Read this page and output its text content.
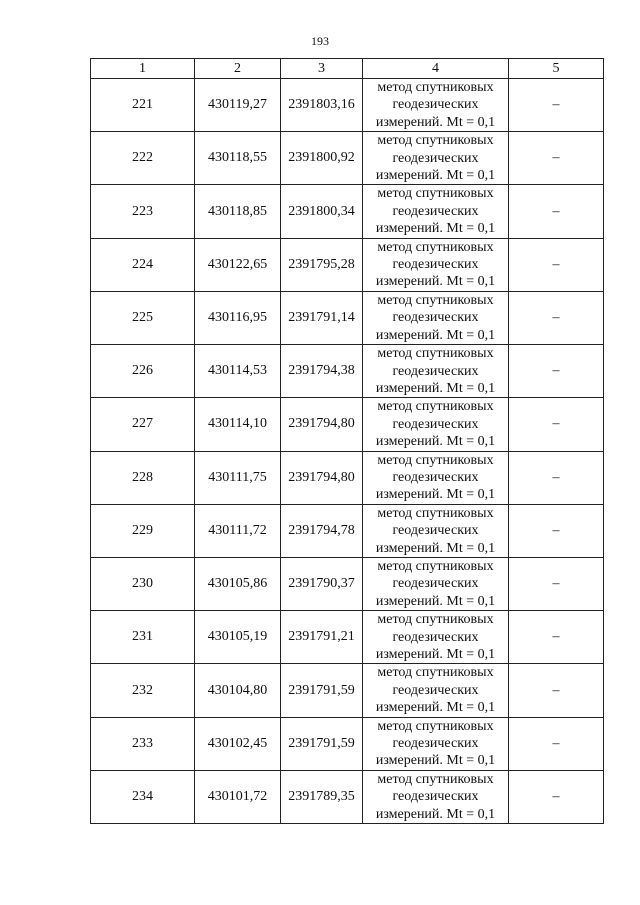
193
1	2	3	4	5
221	430119,27	2391803,16	метод спутниковых
геодезических
измерений. Mt = 0,1	–
222	430118,55	2391800,92	метод спутниковых
геодезических
измерений. Mt = 0,1	–
223	430118,85	2391800,34	метод спутниковых
геодезических
измерений. Mt = 0,1	–
224	430122,65	2391795,28	метод спутниковых
геодезических
измерений. Mt = 0,1	–
225	430116,95	2391791,14	метод спутниковых
геодезических
измерений. Mt = 0,1	–
226	430114,53	2391794,38	метод спутниковых
геодезических
измерений. Mt = 0,1	–
227	430114,10	2391794,80	метод спутниковых
геодезических
измерений. Mt = 0,1	–
228	430111,75	2391794,80	метод спутниковых
геодезических
измерений. Mt = 0,1	–
229	430111,72	2391794,78	метод спутниковых
геодезических
измерений. Mt = 0,1	–
230	430105,86	2391790,37	метод спутниковых
геодезических
измерений. Mt = 0,1	–
231	430105,19	2391791,21	метод спутниковых
геодезических
измерений. Mt = 0,1	–
232	430104,80	2391791,59	метод спутниковых
геодезических
измерений. Mt = 0,1	–
233	430102,45	2391791,59	метод спутниковых
геодезических
измерений. Mt = 0,1	–
234	430101,72	2391789,35	метод спутниковых
геодезических
измерений. Mt = 0,1	–
